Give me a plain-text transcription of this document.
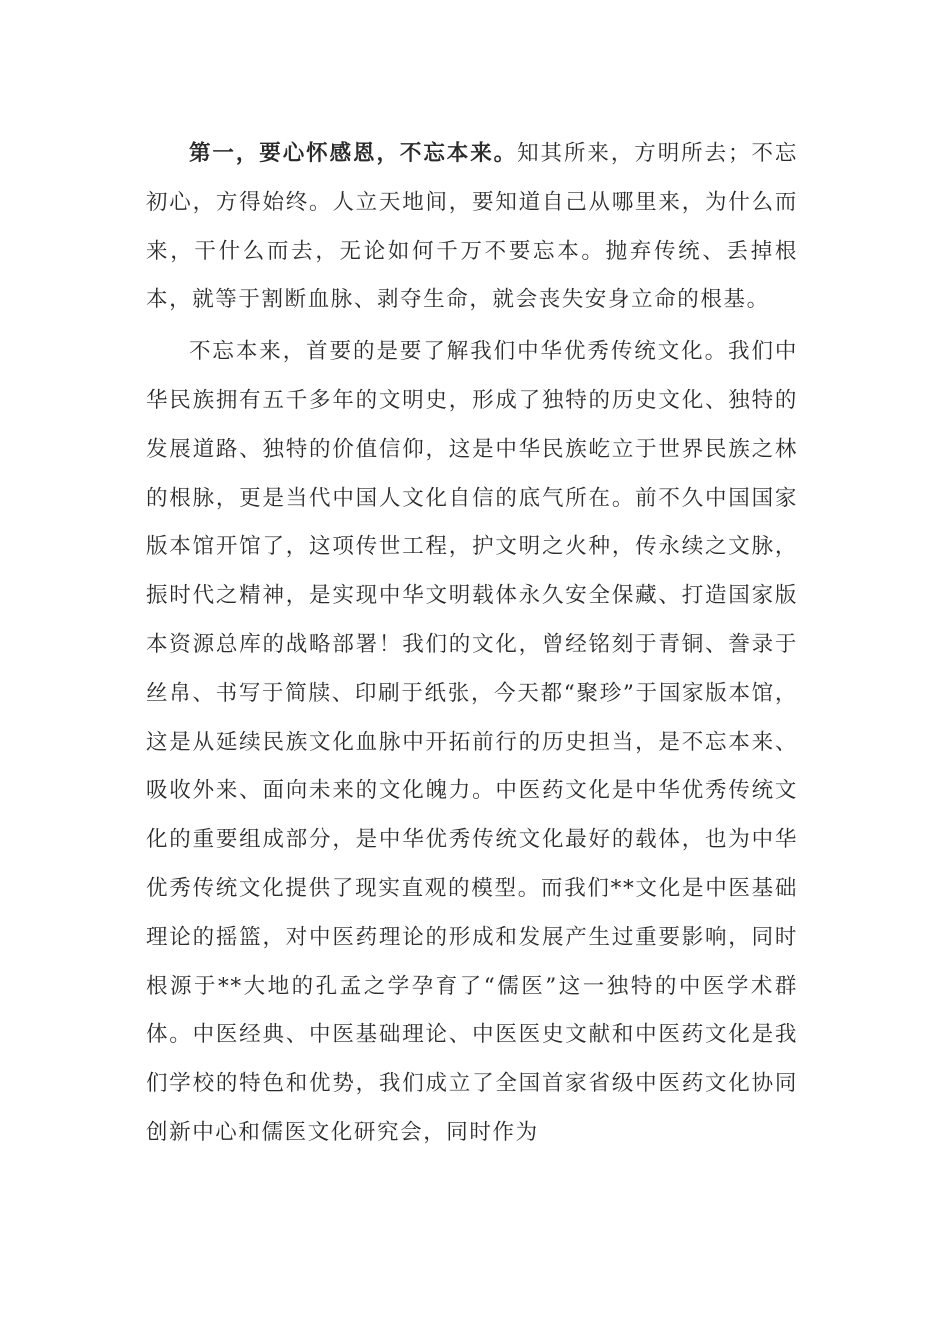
第一，要心怀感恩，不忘本来。知其所来，方明所去；不忘初心，方得始终。人立天地间，要知道自己从哪里来，为什么而来，干什么而去，无论如何千万不要忘本。抛弃传统、丢掉根本，就等于割断血脉、剥夺生命，就会丧失安身立命的根基。

不忘本来，首要的是要了解我们中华优秀传统文化。我们中华民族拥有五千多年的文明史，形成了独特的历史文化、独特的发展道路、独特的价值信仰，这是中华民族屹立于世界民族之林的根脉，更是当代中国人文化自信的底气所在。前不久中国国家版本馆开馆了，这项传世工程，护文明之火种，传永续之文脉，振时代之精神，是实现中华文明载体永久安全保藏、打造国家版本资源总库的战略部署！我们的文化，曾经铭刻于青铜、誊录于丝帛、书写于简牍、印刷于纸张，今天都“聚珍”于国家版本馆，这是从延续民族文化血脉中开拓前行的历史担当，是不忘本来、吸收外来、面向未来的文化魄力。中医药文化是中华优秀传统文化的重要组成部分，是中华优秀传统文化最好的载体，也为中华优秀传统文化提供了现实直观的模型。而我们**文化是中医基础理论的摇篮，对中医药理论的形成和发展产生过重要影响，同时根源于**大地的孔孟之学孕育了“儒医”这一独特的中医学术群体。中医经典、中医基础理论、中医医史文献和中医药文化是我们学校的特色和优势，我们成立了全国首家省级中医药文化协同创新中心和儒医文化研究会，同时作为
